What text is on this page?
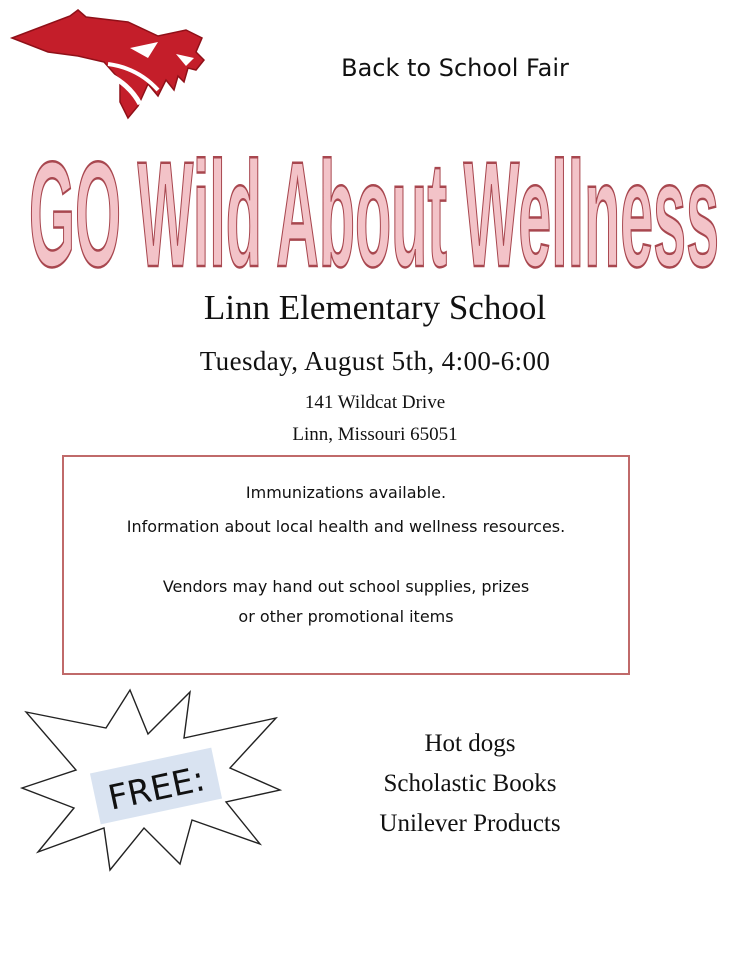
Back to School Fair
GO Wild About Wellness
Linn Elementary School
Tuesday, August 5th, 4:00-6:00
141 Wildcat Drive
Linn, Missouri 65051
Immunizations available.
Information about local health and wellness resources.
Vendors may hand out school supplies, prizes
or other promotional items
FREE:
Hot dogs
Scholastic Books
Unilever Products
